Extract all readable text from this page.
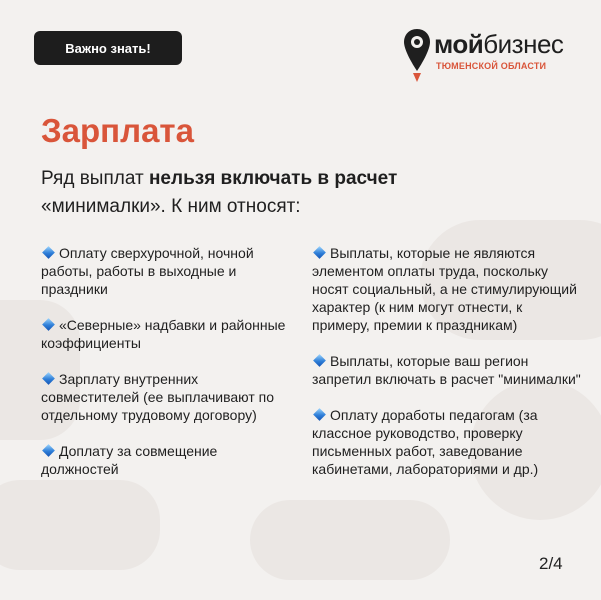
Важно знать!	мойбизнес
ТЮМЕНСКОЙ ОБЛАСТИ
Зарплата

Ряд выплат нельзя включать в расчет «минималки». К ним относят:

Оплату сверхурочной, ночной работы, работы в выходные и праздники

«Северные» надбавки и районные коэффициенты

Зарплату внутренних совместителей (ее выплачивают по отдельному трудовому договору)

Доплату за совмещение должностей

Выплаты, которые не являются элементом оплаты труда, поскольку носят социальный, а не стимулирующий характер (к ним могут отнести, к примеру, премии к праздникам)

Выплаты, которые ваш регион запретил включать в расчет "минималки"

Оплату доработы педагогам (за классное руководство, проверку письменных работ, заведование кабинетами, лабораториями и др.)

2/4
